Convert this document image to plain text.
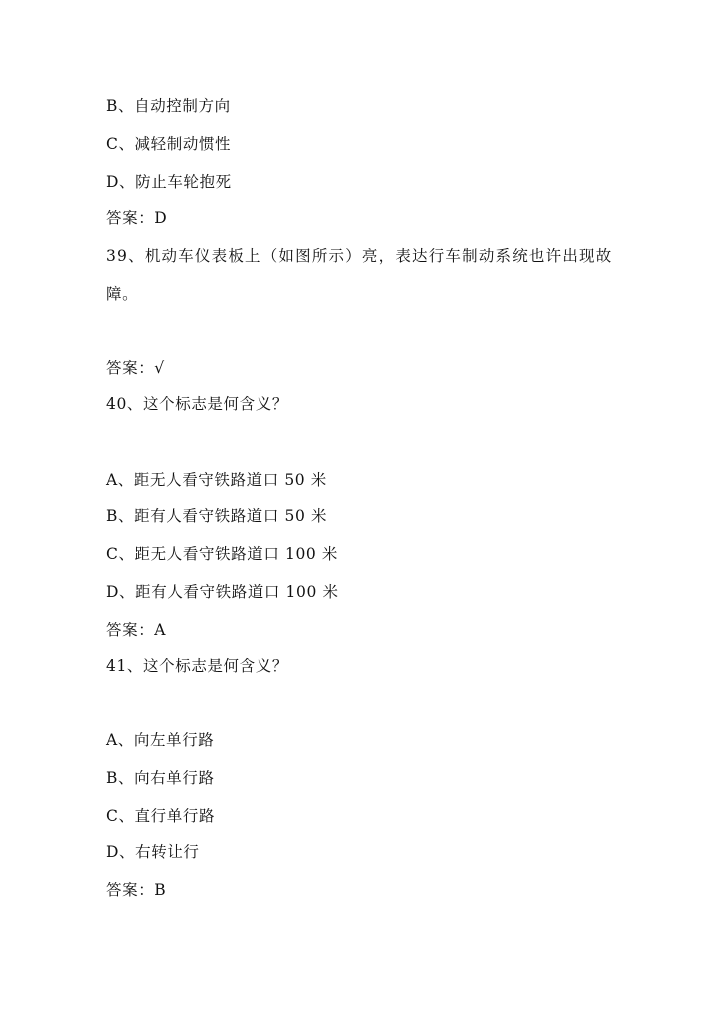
B、自动控制方向
C、减轻制动惯性
D、防止车轮抱死
答案：D
39、机动车仪表板上（如图所示）亮，表达行车制动系统也许出现故
障。
答案：√
40、这个标志是何含义？
A、距无人看守铁路道口 50 米
B、距有人看守铁路道口 50 米
C、距无人看守铁路道口 100 米
D、距有人看守铁路道口 100 米
答案：A
41、这个标志是何含义？
A、向左单行路
B、向右单行路
C、直行单行路
D、右转让行
答案：B
